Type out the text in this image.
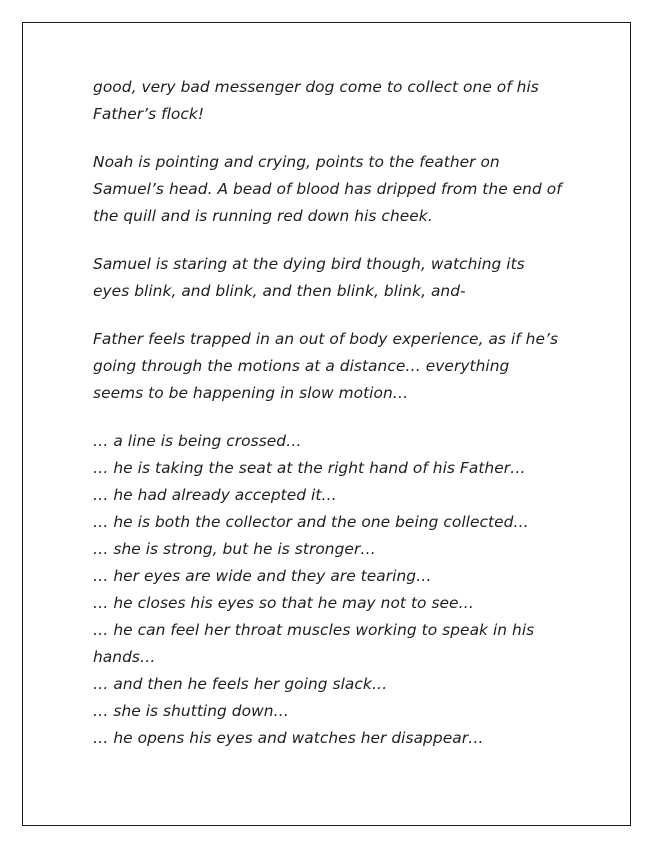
good, very bad messenger dog come to collect one of his Father’s flock!

Noah is pointing and crying, points to the feather on Samuel’s head. A bead of blood has dripped from the end of the quill and is running red down his cheek.

Samuel is staring at the dying bird though, watching its eyes blink, and blink, and then blink, blink, and-

Father feels trapped in an out of body experience, as if he’s going through the motions at a distance… everything seems to be happening in slow motion…

… a line is being crossed…
… he is taking the seat at the right hand of his Father…
… he had already accepted it…
… he is both the collector and the one being collected…
… she is strong, but he is stronger…
… her eyes are wide and they are tearing…
… he closes his eyes so that he may not to see…
… he can feel her throat muscles working to speak in his hands…
… and then he feels her going slack…
… she is shutting down…
… he opens his eyes and watches her disappear…
